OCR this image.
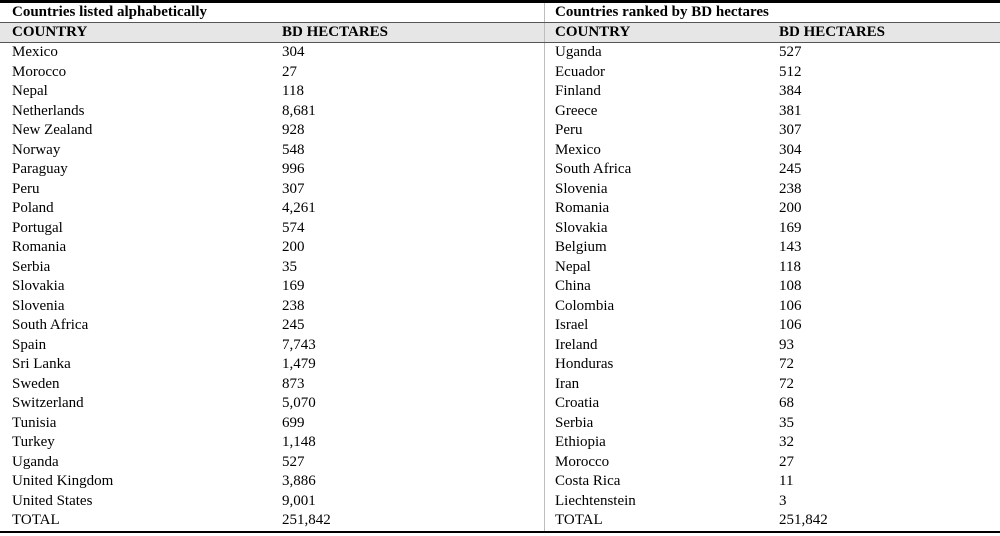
Countries listed alphabetically	Countries ranked by BD hectares
COUNTRY	BD HECTARES	COUNTRY	BD HECTARES
Mexico	304	Uganda	527
Morocco	27	Ecuador	512
Nepal	118	Finland	384
Netherlands	8,681	Greece	381
New Zealand	928	Peru	307
Norway	548	Mexico	304
Paraguay	996	South Africa	245
Peru	307	Slovenia	238
Poland	4,261	Romania	200
Portugal	574	Slovakia	169
Romania	200	Belgium	143
Serbia	35	Nepal	118
Slovakia	169	China	108
Slovenia	238	Colombia	106
South Africa	245	Israel	106
Spain	7,743	Ireland	93
Sri Lanka	1,479	Honduras	72
Sweden	873	Iran	72
Switzerland	5,070	Croatia	68
Tunisia	699	Serbia	35
Turkey	1,148	Ethiopia	32
Uganda	527	Morocco	27
United Kingdom	3,886	Costa Rica	11
United States	9,001	Liechtenstein	3
TOTAL	251,842	TOTAL	251,842
